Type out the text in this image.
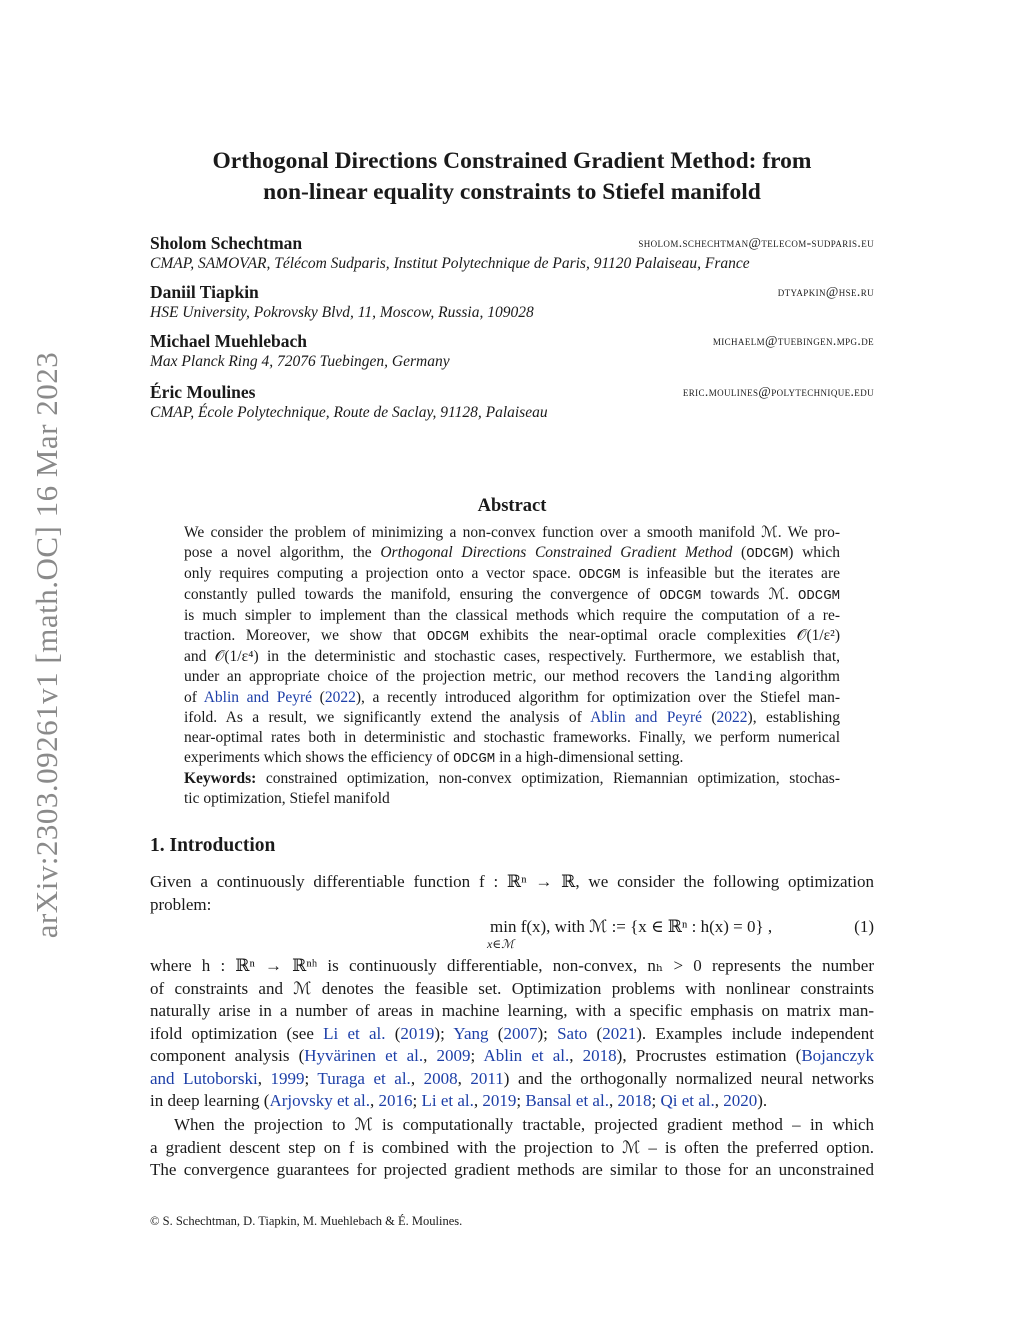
arXiv:2303.09261v1 [math.OC] 16 Mar 2023
Orthogonal Directions Constrained Gradient Method: from
non-linear equality constraints to Stiefel manifold
Sholom Schechtman	sholom.schechtman@telecom-sudparis.eu
CMAP, SAMOVAR, Télécom Sudparis, Institut Polytechnique de Paris, 91120 Palaiseau, France
Daniil Tiapkin	dtyapkin@hse.ru
HSE University, Pokrovsky Blvd, 11, Moscow, Russia, 109028
Michael Muehlebach	michaelm@tuebingen.mpg.de
Max Planck Ring 4, 72076 Tuebingen, Germany
Éric Moulines	eric.moulines@polytechnique.edu
CMAP, École Polytechnique, Route de Saclay, 91128, Palaiseau
Abstract
We consider the problem of minimizing a non-convex function over a smooth manifold ℳ. We pro-
pose a novel algorithm, the Orthogonal Directions Constrained Gradient Method (ODCGM) which
only requires computing a projection onto a vector space. ODCGM is infeasible but the iterates are
constantly pulled towards the manifold, ensuring the convergence of ODCGM towards ℳ. ODCGM
is much simpler to implement than the classical methods which require the computation of a re-
traction. Moreover, we show that ODCGM exhibits the near-optimal oracle complexities 𝒪(1/ε²)
and 𝒪(1/ε⁴) in the deterministic and stochastic cases, respectively. Furthermore, we establish that,
under an appropriate choice of the projection metric, our method recovers the landing algorithm
of Ablin and Peyré (2022), a recently introduced algorithm for optimization over the Stiefel man-
ifold. As a result, we significantly extend the analysis of Ablin and Peyré (2022), establishing
near-optimal rates both in deterministic and stochastic frameworks. Finally, we perform numerical
experiments which shows the efficiency of ODCGM in a high-dimensional setting.
Keywords: constrained optimization, non-convex optimization, Riemannian optimization, stochas-
tic optimization, Stiefel manifold
1. Introduction
Given a continuously differentiable function f : ℝⁿ → ℝ, we consider the following optimization
problem:
min f(x), with ℳ := {x ∈ ℝⁿ : h(x) = 0} ,
x∈ℳ
(1)
where h : ℝⁿ → ℝⁿʰ is continuously differentiable, non-convex, nₕ > 0 represents the number
of constraints and ℳ denotes the feasible set. Optimization problems with nonlinear constraints
naturally arise in a number of areas in machine learning, with a specific emphasis on matrix man-
ifold optimization (see Li et al. (2019); Yang (2007); Sato (2021). Examples include independent
component analysis (Hyvärinen et al., 2009; Ablin et al., 2018), Procrustes estimation (Bojanczyk
and Lutoborski, 1999; Turaga et al., 2008, 2011) and the orthogonally normalized neural networks
in deep learning (Arjovsky et al., 2016; Li et al., 2019; Bansal et al., 2018; Qi et al., 2020).
When the projection to ℳ is computationally tractable, projected gradient method – in which
a gradient descent step on f is combined with the projection to ℳ – is often the preferred option.
The convergence guarantees for projected gradient methods are similar to those for an unconstrained
© S. Schechtman, D. Tiapkin, M. Muehlebach & É. Moulines.
